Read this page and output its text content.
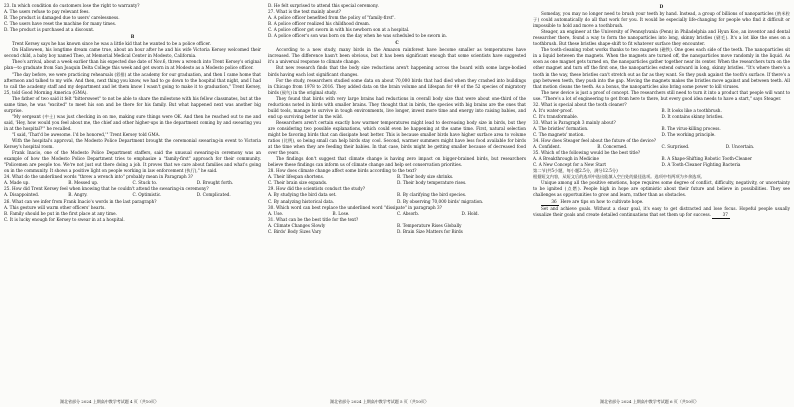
23. In which condition do customers lose the right to warranty?

A. The users refuse to pay relevant fees.

B. The product is damaged due to users' carelessness.

C. The users have reset the machine for many times.

D. The product is purchased at a discount.

B

Trent Kersey says he has known since he was a little kid that he wanted to be a police officer.

On Halloween, his longtime dream came true, about an hour after he and his wife Victoria Kersey welcomed their second child, a baby boy named Theo, at Memorial Medical Center in Modesto, California.

Theo's arrival, about a week earlier than his expected due date of Nov.6, threw a wrench into Trent Kersey's original plan—to graduate from San Joaquin Delta College this week and get sworn in at Modesto as a Modesto police officer.

"The day before, we were practicing rehearsals (彩排) at the academy for our graduation, and then I came home that afternoon and talked to my wife. And then, next thing you know, we had to go down to the hospital that night, and I had to call the academy staff and my department and let them know I wasn't going to make it to graduation," Trent Kersey, 25, told Good Morning America (GMA).

The father of two said it felt "bittersweet" to not be able to share the milestone with his fellow classmates, but at the same time, he was "excited" to meet his son and be there for his family. But what happened next was another big surprise.

"My sergeant (中士) was just checking in on me, making sure things were OK. And then he reached out to me and said, 'Hey, how would you feel about me, the chief and other higher-ups in the department coming by and swearing you in at the hospital?'" he recalled.

"I said, 'That'd be awesome. I'd be honored,'" Trent Kersey told GMA.

With the hospital's approval, the Modesto Police Department brought the ceremonial swearing-in event to Victoria Kersey's hospital room.

Frank Inacio, one of the Modesto Police Department staffers, said the unusual swearing-in ceremony was an example of how the Modesto Police Department tries to emphasize a "family-first" approach for their community. "Policemen are people too. We're not just out there doing a job. It proves that we care about families and what's going on in the community. It shows a positive light on people working in law enforcement (执行)," he said.

24. What do the underlined words "threw a wrench into" probably mean in Paragraph 3?

A. Made up.	B. Messed up.	C. Stuck to.	D. Brought forth.

25. How did Trent Kersey feel when knowing that he couldn't attend the swearing-in ceremony?

A. Disappointed.	B. Angry.	C. Optimistic.	D. Complicated.

26. What can we infer from Frank Inacio's words in the last paragraph?

A. This gesture will warm other officers' hearts.

B. Family should be put in the first place at any time.

C. It is lucky enough for Kersey to swear in at a hospital.

D. He felt surprised to attend this special ceremony.

27. What is the text mainly about?

A. A police officer benefited from the policy of "family-first".

B. A police officer realized his childhood dream.

C. A police officer got sworn in with his newborn son at a hospital.

D. A police officer's son was born on the day when he was scheduled to be sworn in.

C

According to a new study, many birds in the Amazon rainforest have become smaller as temperatures have increased. The difference hasn't been obvious, but it has been significant enough that some scientists have suggested it's a universal response to climate change.

But new research finds that the body size reductions aren't happening across the board with some large-bodied birds having each lost significant changes.

For the study, researchers studied some data on about 70,000 birds that had died when they crashed into buildings in Chicago from 1978 to 2016. They added data on the brain volume and lifespan for 49 of the 52 species of migratory birds (候鸟) in the original study.

They found that birds with very large brains had reductions in overall body size that were about one-third of the reductions noted in birds with smaller brains. They thought that in birds, the species with big brains are the ones that build tools, manage to survive in tough environments, live longer, invest more time and energy into raising babies, and end up surviving better in the wild.

Researchers aren't certain exactly how warmer temperatures might lead to decreasing body size in birds, but they are considering two possible explanations, which could even be happening at the same time. First, natural selection might be favoring birds that can dissipate heat better. This is because smaller birds have higher surface area to volume ratios (比例), so being small can help birds stay cool. Second, warmer summers might have less food available for birds at the time when they are feeding their babies. In that case, birds might be getting smaller because of decreased food over the years.

The findings don't suggest that climate change is having zero impact on bigger-brained birds, but researchers believe these findings can inform us of climate change and help set conservation priorities.

28. How does climate change affect some birds according to the text?

A. Their lifespan shortens.	B. Their body size shrinks.

C. Their brain size expands.	D. Their body temperature rises.

29. How did the scientists conduct the study?

A. By studying the bird data set.	B. By clarifying the bird species.

C. By analyzing historical data.	D. By observing 70,000 birds' migration.

30. Which word can best replace the underlined word "dissipate" in paragraph 3?

A. Use.	B. Lose.	C. Absorb.	D. Hold.

31. What can be the best title for the text?

A. Climate Changes Slowly	B. Temperature Rises Globally

C. Birds' Body Sizes Vary	D. Brain Size Matters for Birds

D

Someday, you may no longer need to brush your teeth by hand. Instead, a group of billions of nanoparticles (纳米粒子) could automatically do all that work for you. It would be especially life-changing for people who find it difficult or impossible to hold and move a toothbrush.

Steager, an engineer at the University of Pennsylvania (Penn) in Philadelphia and Hyun Koo, an inventor and dental researcher there, found a way to form the nanoparticles into long, skinny bristles (刷毛). It's a lot like the ones on a toothbrush. But these bristles shape-shift to fit whatever surface they encounter.

The tooth-cleaning robot works thanks to two magnets (磁铁). One goes each side of the teeth. The nanoparticles sit in a liquid between the magnets. When the magnets are turned off, the nanoparticles move randomly in the liquid. As soon as one magnet gets turned on, the nanoparticles gather together near its center. When the researchers turn on the other magnet and turn off the first one, the nanoparticles extend outward in long, skinny bristles. "It's where there's a tooth in the way, these bristles can't stretch out as far as they want. So they push against the tooth's surface. If there's a gap between teeth, they push into the gap. Moving the magnets makes the bristles move against and between teeth. All that motion cleans the teeth. As a bonus, the nanoparticles also bring some power to kill viruses.

The new device is just a proof of concept. The researchers still need to turn it into a product that people will want to use. "There's a lot of engineering to get from here to there, but every good idea needs to have a start," says Steager.

32. What is special about the tooth cleaner?

A. It's water-proof.	B. It looks like a toothbrush.

C. It's transformable.	D. It contains skinny bristles.

33. What is Paragraph 3 mainly about?

A. The bristles' formation.	B. The virus-killing process.

C. The magnets' motion.	D. The working principle.

34. How does Steager feel about the future of the device?

A. Confident.	B. Concerned.	C. Surprised.	D. Uncertain.

35. Which of the following would be the best title?

A. A Breakthrough in Medicine	B. A Shape-Shifting Robotic Tooth-Cleaner

C. A New Concept for a New Start	D. A Tooth-Cleaner Fighting Bacteria

第二节(共5小题，每小题2.5分，满分12.5分)

根据短文内容，从短文后的选项中选出能填入空白处的最佳选项。选项中有两项为多余选项。

Unique among all the positive emotions, hope requires some degree of conflict, difficulty, negativity, or uncertainty to be ignited (点燃). People high in hope are optimistic about their future and believe in possibilities. They see challenges as opportunities to grow and learn, rather than as obstacles.

36 Here are tips on how to cultivate hope.

Set and achieve goals. Without a clear goal, it's easy to get distracted and lose focus. Hopeful people usually visualize their goals and create detailed continuations that set them up for success.	37

湖北省部分 2024 上期高中教学考试题 4 页（共10页）	湖北省部分 2024 上期高中教学考试题 5 页（共10页）	湖北省部分 2024 上期高中教学考试题 6 页（共10页）
